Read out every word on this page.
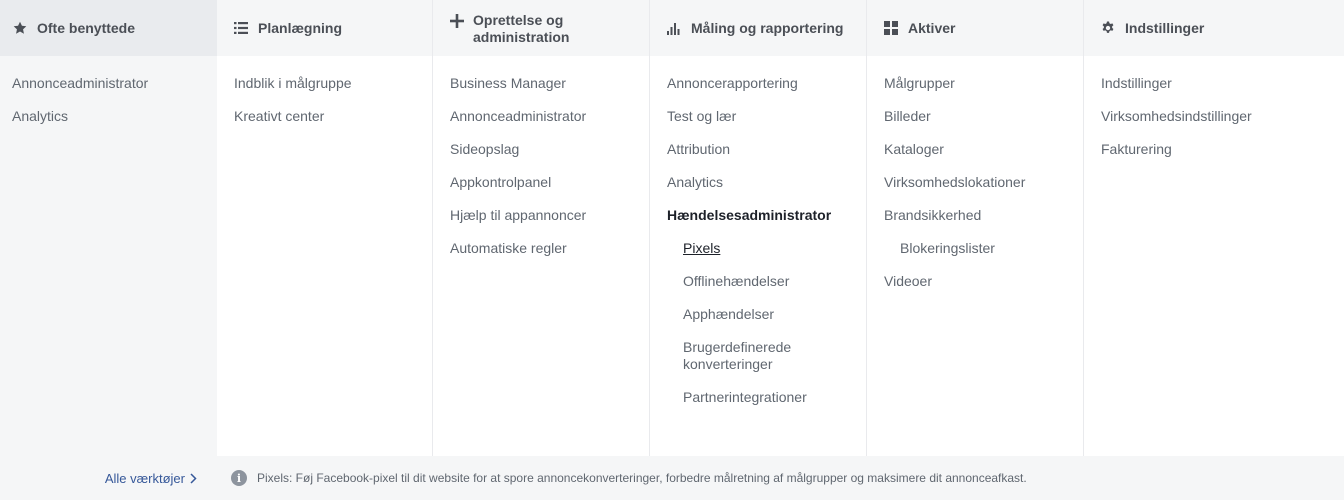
Ofte benyttede
Annonceadministrator
Analytics
Planlægning
Indblik i målgruppe
Kreativt center
Oprettelse og administration
Business Manager
Annonceadministrator
Sideopslag
Appkontrolpanel
Hjælp til appannoncer
Automatiske regler
Måling og rapportering
Annoncerapportering
Test og lær
Attribution
Analytics
Hændelsesadministrator
Pixels
Offlinehændelser
Apphændelser
Brugerdefinerede konverteringer
Partnerintegrationer
Aktiver
Målgrupper
Billeder
Kataloger
Virksomhedslokationer
Brandsikkerhed
Blokeringslister
Videoer
Indstillinger
Indstillinger
Virksomhedsindstillinger
Fakturering
Alle værktøjer	i	Pixels: Føj Facebook-pixel til dit website for at spore annoncekonverteringer, forbedre målretning af målgrupper og maksimere dit annonceafkast.
